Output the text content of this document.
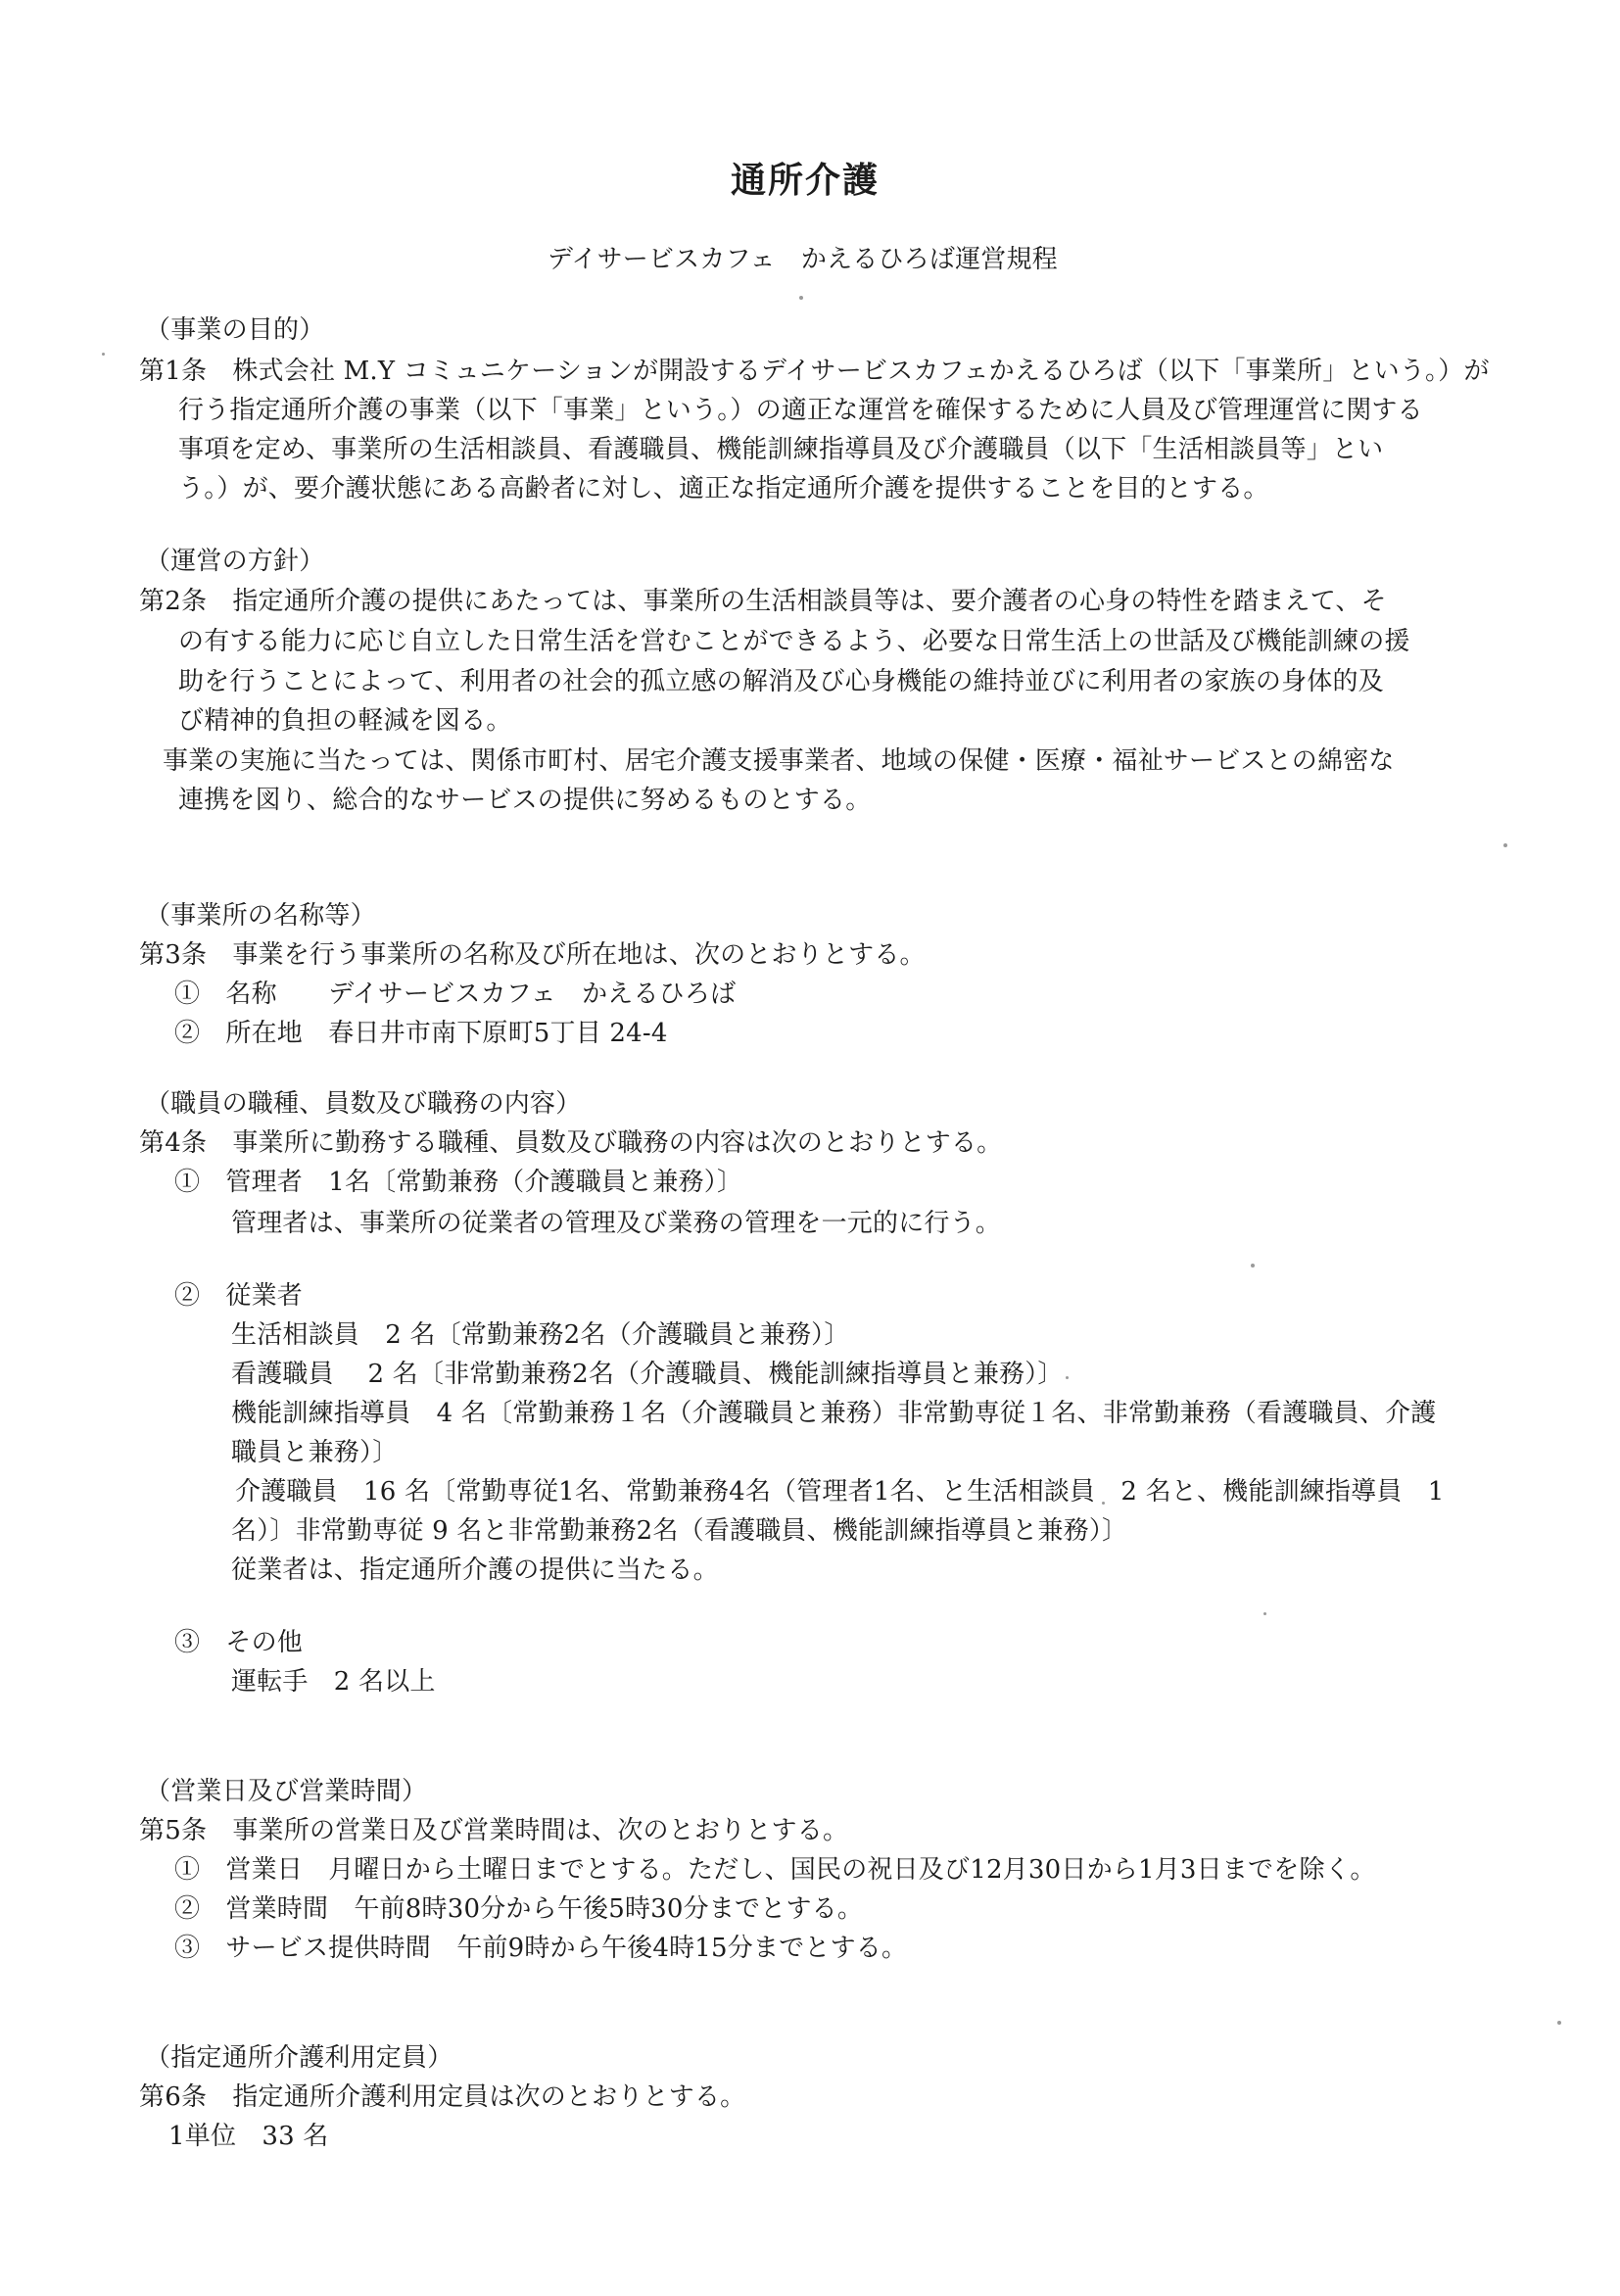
通所介護

デイサービスカフェ　かえるひろば運営規程

（事業の目的）

第1条　株式会社 M.Y コミュニケーションが開設するデイサービスカフェかえるひろば（以下「事業所」という。）が

行う指定通所介護の事業（以下「事業」という。）の適正な運営を確保するために人員及び管理運営に関する

事項を定め、事業所の生活相談員、看護職員、機能訓練指導員及び介護職員（以下「生活相談員等」とい

う。）が、要介護状態にある高齢者に対し、適正な指定通所介護を提供することを目的とする。

（運営の方針）

第2条　指定通所介護の提供にあたっては、事業所の生活相談員等は、要介護者の心身の特性を踏まえて、そ

の有する能力に応じ自立した日常生活を営むことができるよう、必要な日常生活上の世話及び機能訓練の援

助を行うことによって、利用者の社会的孤立感の解消及び心身機能の維持並びに利用者の家族の身体的及

び精神的負担の軽減を図る。

事業の実施に当たっては、関係市町村、居宅介護支援事業者、地域の保健・医療・福祉サービスとの綿密な

連携を図り、総合的なサービスの提供に努めるものとする。

（事業所の名称等）

第3条　事業を行う事業所の名称及び所在地は、次のとおりとする。

①　名称　　デイサービスカフェ　かえるひろば

②　所在地　春日井市南下原町5丁目 24-4

（職員の職種、員数及び職務の内容）

第4条　事業所に勤務する職種、員数及び職務の内容は次のとおりとする。

①　管理者　1名〔常勤兼務（介護職員と兼務）〕

管理者は、事業所の従業者の管理及び業務の管理を一元的に行う。

②　従業者

生活相談員　2 名〔常勤兼務2名（介護職員と兼務）〕

看護職員　 2 名〔非常勤兼務2名（介護職員、機能訓練指導員と兼務）〕

機能訓練指導員　4 名〔常勤兼務１名（介護職員と兼務）非常勤専従１名、非常勤兼務（看護職員、介護

職員と兼務）〕

介護職員　16 名〔常勤専従1名、常勤兼務4名（管理者1名、と生活相談員　2 名と、機能訓練指導員　1

名）〕非常勤専従 9 名と非常勤兼務2名（看護職員、機能訓練指導員と兼務）〕

従業者は、指定通所介護の提供に当たる。

③　その他

運転手　2 名以上

（営業日及び営業時間）

第5条　事業所の営業日及び営業時間は、次のとおりとする。

①　営業日　月曜日から土曜日までとする。ただし、国民の祝日及び12月30日から1月3日までを除く。

②　営業時間　午前8時30分から午後5時30分までとする。

③　サービス提供時間　午前9時から午後4時15分までとする。

（指定通所介護利用定員）

第6条　指定通所介護利用定員は次のとおりとする。

1単位　33 名
